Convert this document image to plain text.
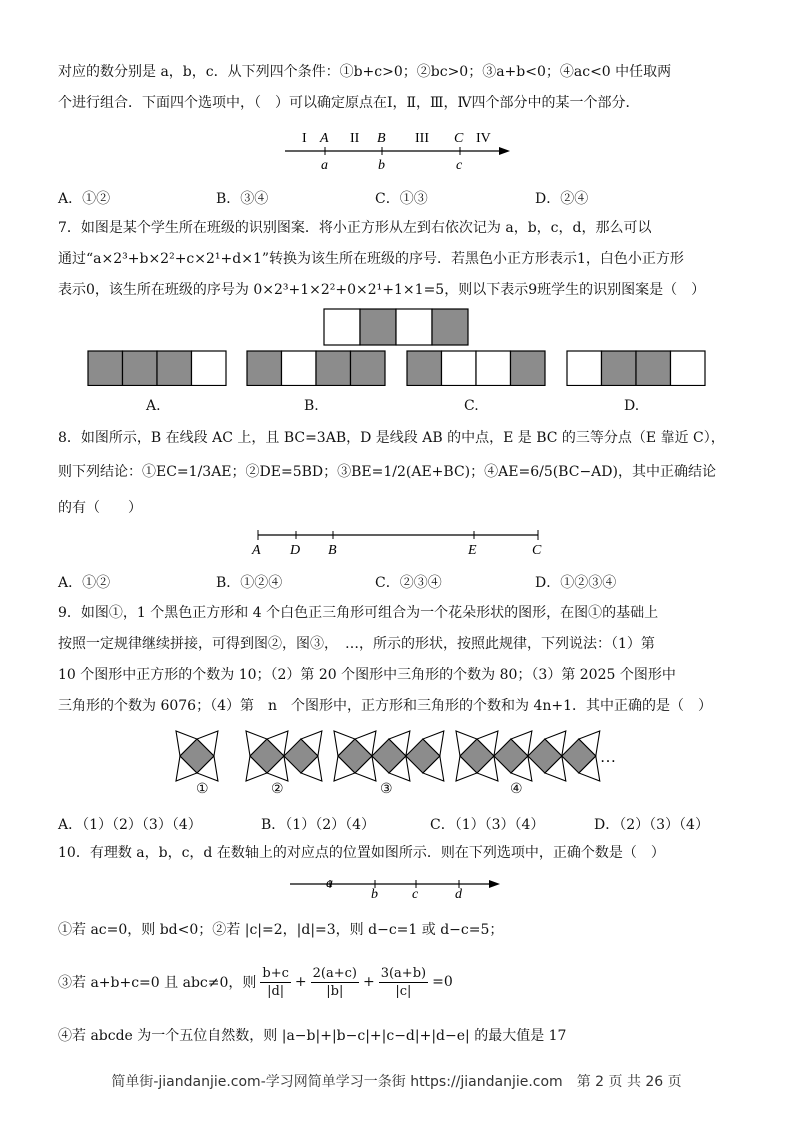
对应的数分别是 a，b，c．从下列四个条件：①b+c>0；②bc>0；③a+b<0；④ac<0 中任取两
个进行组合．下面四个选项中，（　）可以确定原点在Ⅰ，Ⅱ，Ⅲ，Ⅳ四个部分中的某一个部分．
I	II	III	IV
A	B	C
a	b	c
A．①②	B．③④	C．①③	D．②④
7．如图是某个学生所在班级的识别图案．将小正方形从左到右依次记为 a，b，c，d，那么可以
通过“a×2³+b×2²+c×2¹+d×1”转换为该生所在班级的序号．若黑色小正方形表示1，白色小正方形
表示0，该生所在班级的序号为 0×2³+1×2²+0×2¹+1×1=5，则以下表示9班学生的识别图案是（　）
A.	B.	C.	D.
8．如图所示，B 在线段 AC 上，且 BC=3AB，D 是线段 AB 的中点，E 是 BC 的三等分点（E 靠近 C），
则下列结论：①EC=1/3AE；②DE=5BD；③BE=1/2(AE+BC)；④AE=6/5(BC−AD)，其中正确结论
的有（　　）
A D B	E	C
A．①②	B．①②④	C．②③④	D．①②③④
9．如图①，1 个黑色正方形和 4 个白色正三角形可组合为一个花朵形状的图形，在图①的基础上
按照一定规律继续拼接，可得到图②，图③，　…，所示的形状，按照此规律，下列说法：（1）第
10 个图形中正方形的个数为 10；（2）第 20 个图形中三角形的个数为 80；（3）第 2025 个图形中
三角形的个数为 6076；（4）第　n　个图形中，正方形和三角形的个数和为 4n+1．其中正确的是（　）
…
①	②	③	④
A．（1）（2）（3）（4）	B．（1）（2）（4）	C．（1）（3）（4）	D．（2）（3）（4）
10．有理数 a，b，c，d 在数轴上的对应点的位置如图所示．则在下列选项中，正确个数是（　）
a
b c	d
①若 ac=0，则 bd<0；②若 |c|=2，|d|=3，则 d−c=1 或 d−c=5；
③若 a+b+c=0 且 abc≠0，则 $\frac{b+c}{|d|} + \frac{2(a+c)}{|b|} + \frac{3(a+b)}{|c|} =0$
④若 abcde 为一个五位自然数，则 |a−b|+|b−c|+|c−d|+|d−e| 的最大值是 17
简单街-jiandanjie.com-学习网简单学习一条街 https://jiandanjie.com　第 2 页 共 26 页
